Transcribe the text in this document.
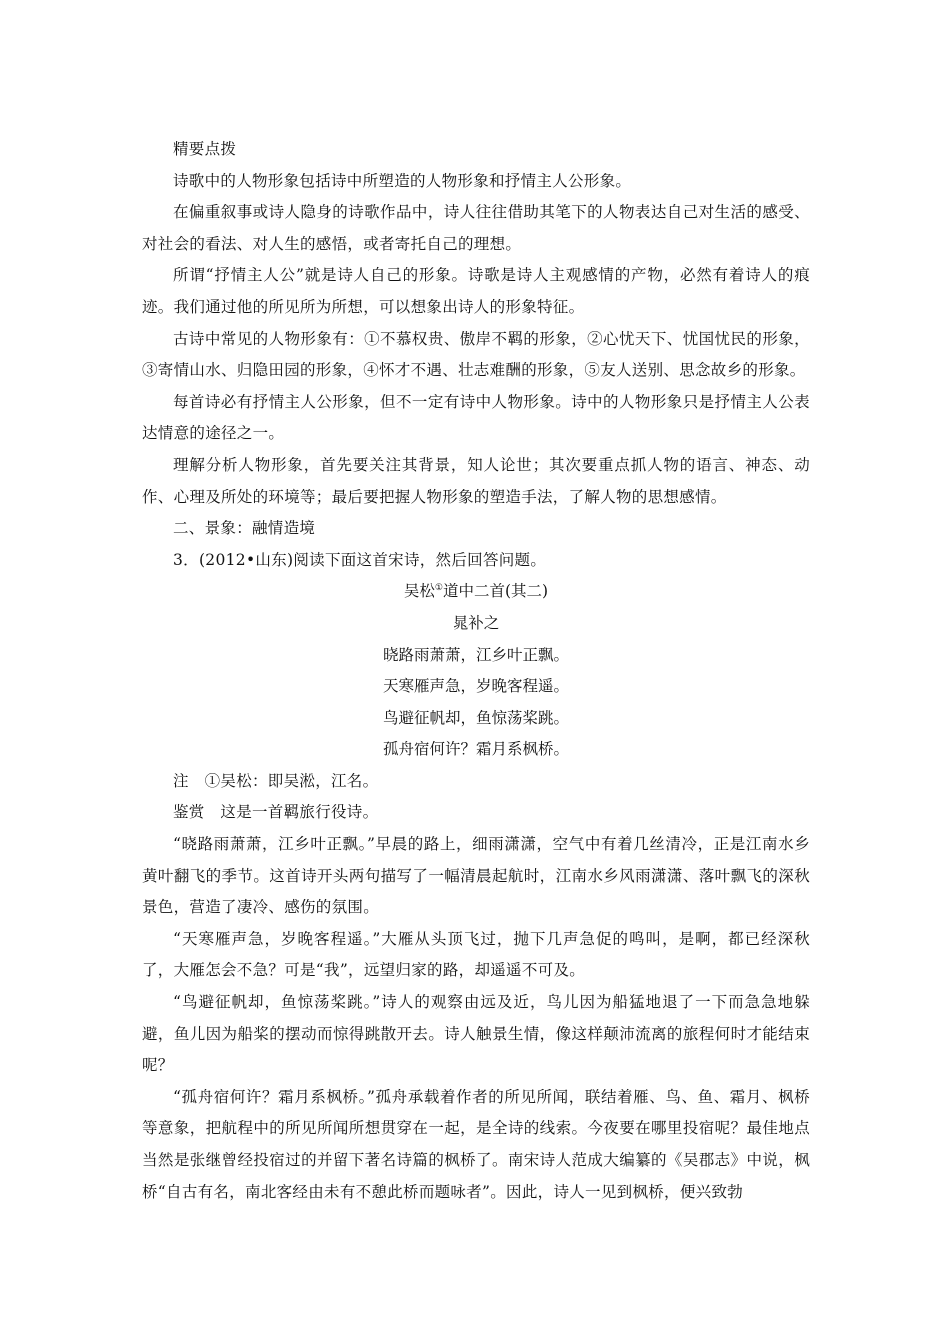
精要点拨

诗歌中的人物形象包括诗中所塑造的人物形象和抒情主人公形象。

在偏重叙事或诗人隐身的诗歌作品中，诗人往往借助其笔下的人物表达自己对生活的感受、对社会的看法、对人生的感悟，或者寄托自己的理想。

所谓“抒情主人公”就是诗人自己的形象。诗歌是诗人主观感情的产物，必然有着诗人的痕迹。我们通过他的所见所为所想，可以想象出诗人的形象特征。

古诗中常见的人物形象有：①不慕权贵、傲岸不羁的形象，②心忧天下、忧国忧民的形象，③寄情山水、归隐田园的形象，④怀才不遇、壮志难酬的形象，⑤友人送别、思念故乡的形象。

每首诗必有抒情主人公形象，但不一定有诗中人物形象。诗中的人物形象只是抒情主人公表达情意的途径之一。

理解分析人物形象，首先要关注其背景，知人论世；其次要重点抓人物的语言、神态、动作、心理及所处的环境等；最后要把握人物形象的塑造手法，了解人物的思想感情。

二、景象：融情造境

3．(2012•山东)阅读下面这首宋诗，然后回答问题。

吴松①道中二首(其二)

晁补之

晓路雨萧萧，江乡叶正飘。

天寒雁声急，岁晚客程遥。

鸟避征帆却，鱼惊荡桨跳。

孤舟宿何许？霜月系枫桥。

注　①吴松：即吴淞，江名。

鉴赏　这是一首羁旅行役诗。

“晓路雨萧萧，江乡叶正飘。”早晨的路上，细雨潇潇，空气中有着几丝清冷，正是江南水乡黄叶翻飞的季节。这首诗开头两句描写了一幅清晨起航时，江南水乡风雨潇潇、落叶飘飞的深秋景色，营造了凄冷、感伤的氛围。

“天寒雁声急，岁晚客程遥。”大雁从头顶飞过，抛下几声急促的鸣叫，是啊，都已经深秋了，大雁怎会不急？可是“我”，远望归家的路，却遥遥不可及。

“鸟避征帆却，鱼惊荡桨跳。”诗人的观察由远及近，鸟儿因为船猛地退了一下而急急地躲避，鱼儿因为船桨的摆动而惊得跳散开去。诗人触景生情，像这样颠沛流离的旅程何时才能结束呢？

“孤舟宿何许？霜月系枫桥。”孤舟承载着作者的所见所闻，联结着雁、鸟、鱼、霜月、枫桥等意象，把航程中的所见所闻所想贯穿在一起，是全诗的线索。今夜要在哪里投宿呢？最佳地点当然是张继曾经投宿过的并留下著名诗篇的枫桥了。南宋诗人范成大编纂的《吴郡志》中说，枫桥“自古有名，南北客经由未有不憩此桥而题咏者”。因此，诗人一见到枫桥，便兴致勃
